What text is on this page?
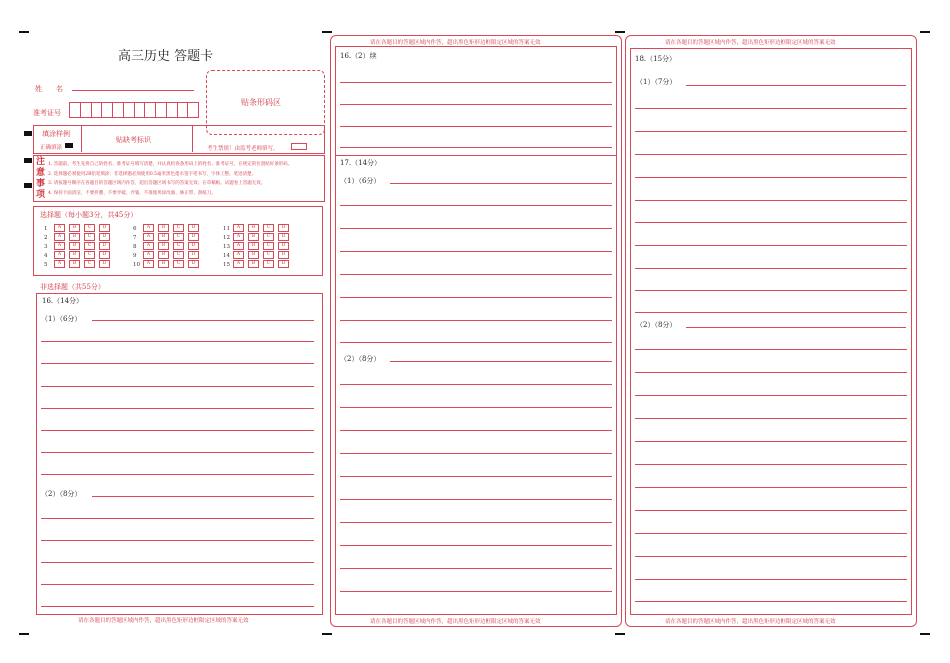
高三历史 答题卡
姓　　名
准考证号
贴条形码区
填涂样例
正确填涂
贴缺考标识
考生禁填！由监考老师填写。
注
意
事
项
1. 答题前，考生先将自己的姓名、准考证号填写清楚，并认真检查条形码上的姓名、准考证号，在规定的位置贴好条形码。
2. 选择题必须使用2B铅笔填涂；非选择题必须使用0.5毫米黑色墨水签字笔书写，字体工整、笔迹清楚。
3. 请按题号顺序在各题目的答题区域内作答，超出答题区域书写的答案无效；在草稿纸、试题卷上答题无效。
4. 保持卡面清洁，不要折叠、不要弄破、弄皱，不准使用涂改液、修正带、刮纸刀。
选择题（每小题3分，共45分）
1 A	B	C	D
2 A	B	C	D
3 A	B	C	D
4 A	B	C	D
5 A	B	C	D
6 A	B	C	D
7 A	B	C	D
8 A	B	C	D
9 A	B	C	D
10 A	B	C	D
11 A	B	C	D
12 A	B	C	D
13 A	B	C	D
14 A	B	C	D
15 A	B	C	D
非选择题（共55分）
16.（14分）
（1）（6分）
（2）（8分）
请在各题目的答题区域内作答，超出黑色矩形边框限定区域的答案无效
请在各题目的答题区域内作答，超出黑色矩形边框限定区域的答案无效
16.（2）续
17.（14分）
（1）（6分）
（2）（8分）
请在各题目的答题区域内作答，超出黑色矩形边框限定区域的答案无效
请在各题目的答题区域内作答，超出黑色矩形边框限定区域的答案无效
18.（15分）
（1）（7分）
（2）（8分）
请在各题目的答题区域内作答，超出黑色矩形边框限定区域的答案无效
